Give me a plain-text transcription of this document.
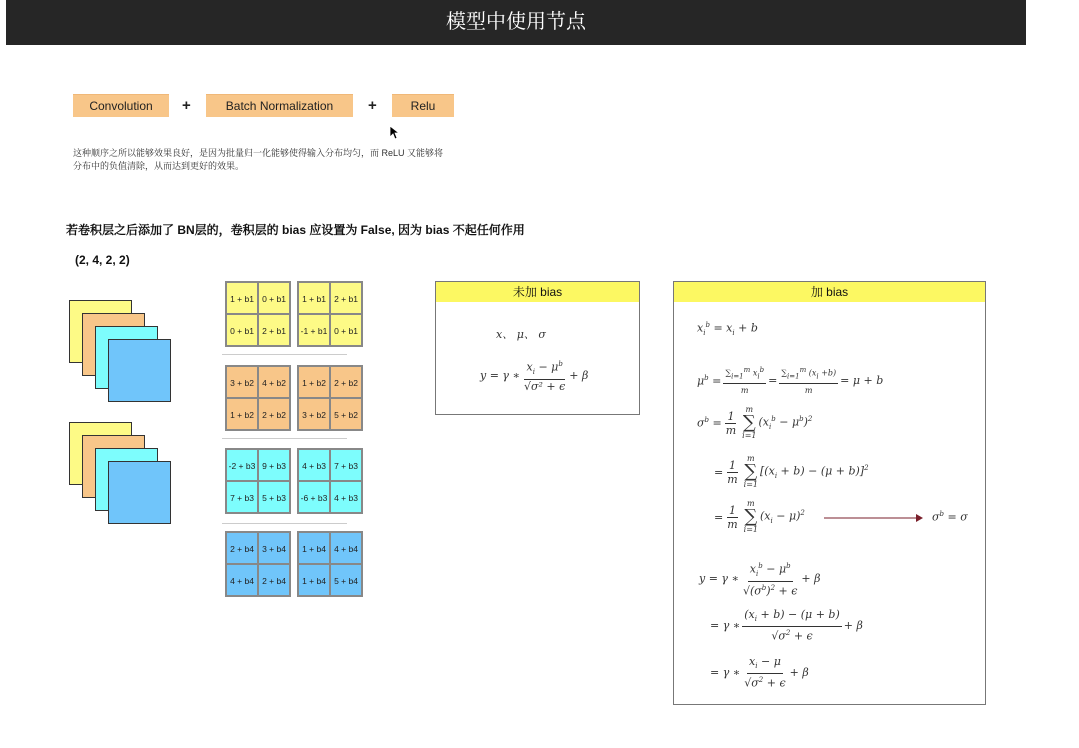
模型中使用节点
Convolution	+	Batch Normalization	+	Relu
这种顺序之所以能够效果良好，是因为批量归一化能够使得输入分布均匀，而 ReLU 又能够将
分布中的负值清除，从而达到更好的效果。
若卷积层之后添加了 BN层的，卷积层的 bias 应设置为 False, 因为 bias 不起任何作用
(2, 4, 2, 2)
1 + b1 0 + b1
0 + b1 2 + b1
1 + b1 2 + b1
-1 + b1 0 + b1
3 + b2 4 + b2
1 + b2 2 + b2
1 + b2 2 + b2
3 + b2 5 + b2
-2 + b3 9 + b3
7 + b3 5 + b3
4 + b3 7 + b3
-6 + b3 4 + b3
2 + b4 3 + b4
4 + b4 2 + b4
1 + b4 4 + b4
1 + b4 5 + b4
未加 bias
x、 μ、 σ
y = γ ∗ $\frac{x_i - \mu^b}{\text{√σ² + ϵ}} + \beta$
加 bias
$x_i^b = x_i + b$
$\mu^b = \frac{\sum_{i=1}^m x_i^b}{m} = \frac{\sum_{i=1}^m (x_i +b)}{m} = \mu + b$
$\sigma^b = \frac{1}{m}$ m
∑
i=1
$(x_i^b - \mu^b)^2$
= $\frac{1}{m}$ m
∑
i=1
$[(x_i + b) - (\mu + b)]^2$
= $\frac{1}{m}$ m
∑
i=1
$(x_i - \mu)^2$	$\sigma^b = \sigma$
y = γ ∗ $\frac{x_i^b - \mu^b}{√(\sigma^b)^2 + \epsilon} + \beta$
= γ ∗ $\frac{(x_i + b) - (\mu + b)}{√\sigma^2 + \epsilon} + \beta$
= γ ∗ $\frac{x_i - \mu}{√\sigma^2 + \epsilon} + \beta$
